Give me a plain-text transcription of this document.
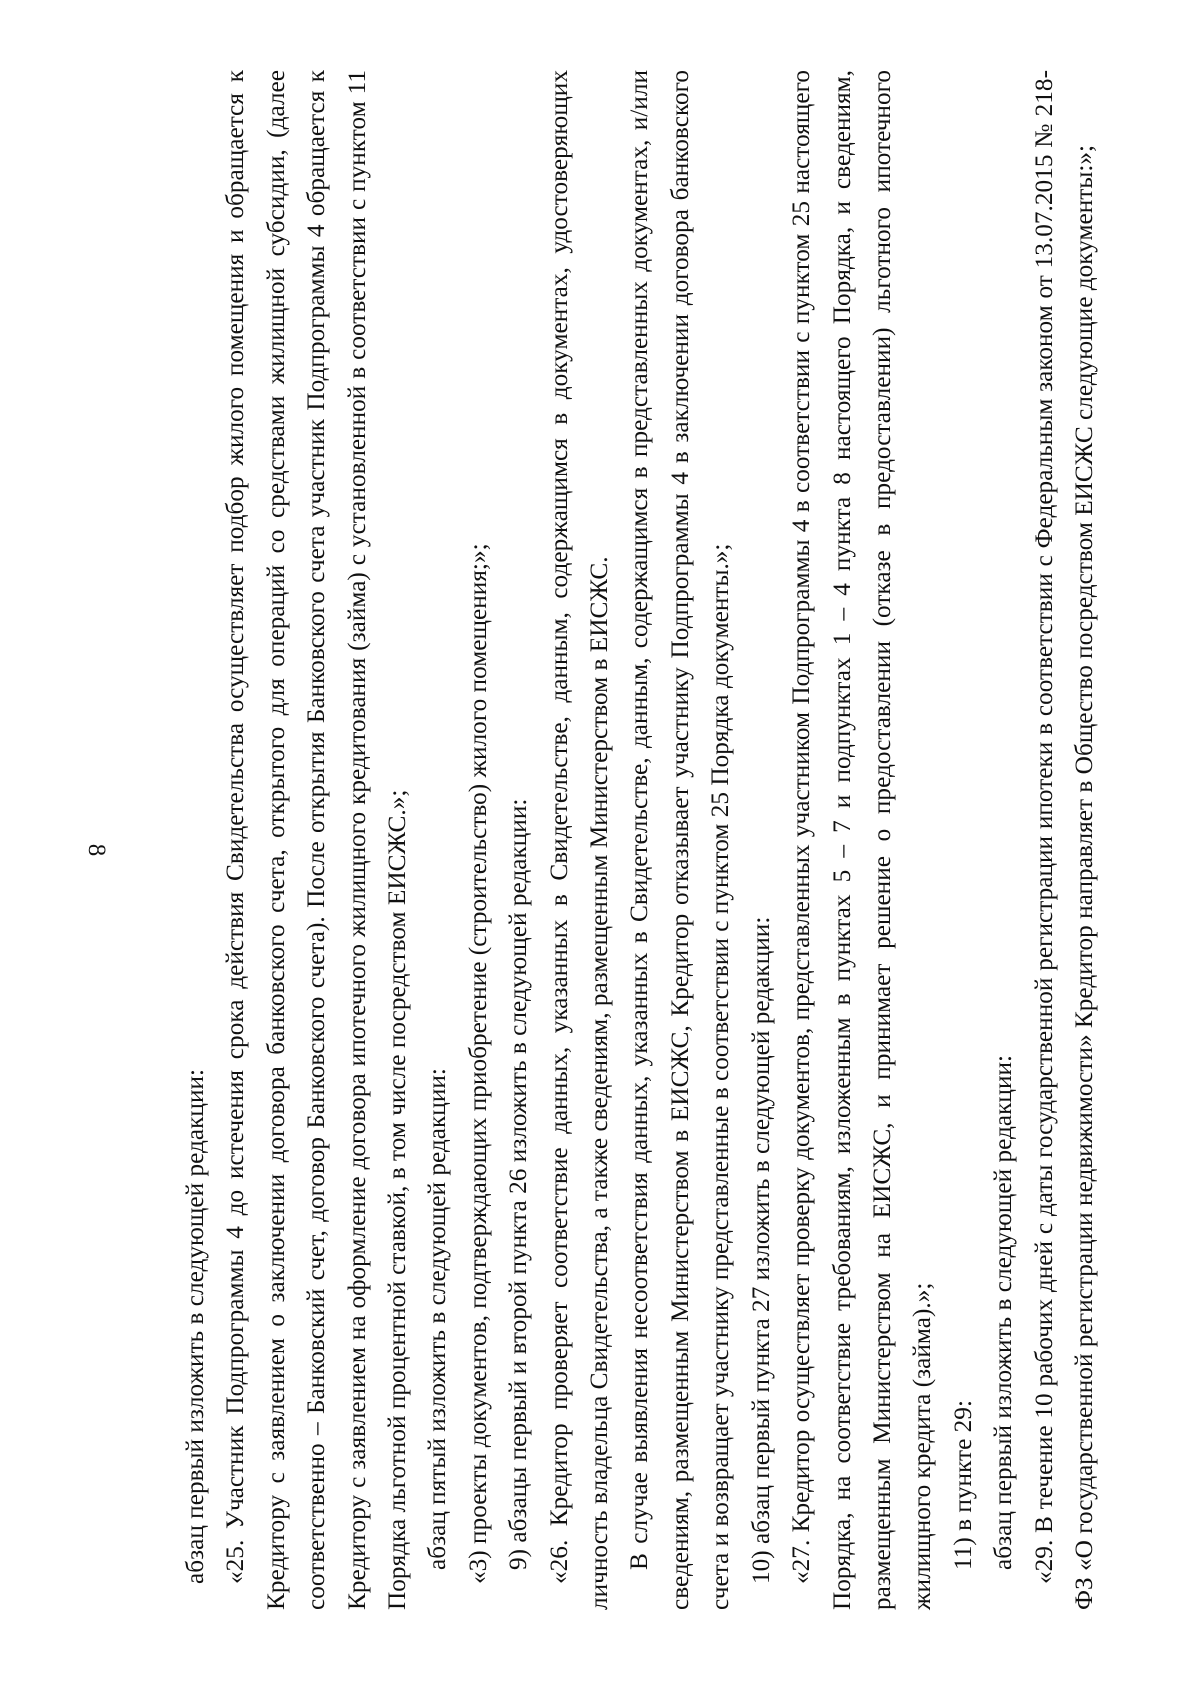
8

абзац первый изложить в следующей редакции: «25. Участник Подпрограммы 4 до истечения срока действия Свидетельства осуществляет подбор жилого помещения и обращается к Кредитору с заявлением о заключении договора банковского счета, открытого для операций со средствами жилищной субсидии, (далее соответственно – Банковский счет, договор Банковского счета). После открытия Банковского счета участник Подпрограммы 4 обращается к Кредитору с заявлением на оформление договора ипотечного жилищного кредитования (займа) с установленной в соответствии с пунктом 11 Порядка льготной процентной ставкой, в том числе посредством ЕИСЖС.»; абзац пятый изложить в следующей редакции: «3) проекты документов, подтверждающих приобретение (строительство) жилого помещения;»; 9) абзацы первый и второй пункта 26 изложить в следующей редакции: «26. Кредитор проверяет соответствие данных, указанных в Свидетельстве, данным, содержащимся в документах, удостоверяющих личность владельца Свидетельства, а также сведениям, размещенным Министерством в ЕИСЖС. В случае выявления несоответствия данных, указанных в Свидетельстве, данным, содержащимся в представленных документах, и/или сведениям, размещенным Министерством в ЕИСЖС, Кредитор отказывает участнику Подпрограммы 4 в заключении договора банковского счета и возвращает участнику представленные в соответствии с пунктом 25 Порядка документы.»; 10) абзац первый пункта 27 изложить в следующей редакции: «27. Кредитор осуществляет проверку документов, представленных участником Подпрограммы 4 в соответствии с пунктом 25 настоящего Порядка, на соответствие требованиям, изложенным в пунктах 5 – 7 и подпунктах 1 – 4 пункта 8 настоящего Порядка, и сведениям, размещенным Министерством на ЕИСЖС, и принимает решение о предоставлении (отказе в предоставлении) льготного ипотечного жилищного кредита (займа).»; 11) в пункте 29: абзац первый изложить в следующей редакции: «29. В течение 10 рабочих дней с даты государственной регистрации ипотеки в соответствии с Федеральным законом от 13.07.2015 № 218-ФЗ «О государственной регистрации недвижимости» Кредитор направляет в Общество посредством ЕИСЖС следующие документы:»;
